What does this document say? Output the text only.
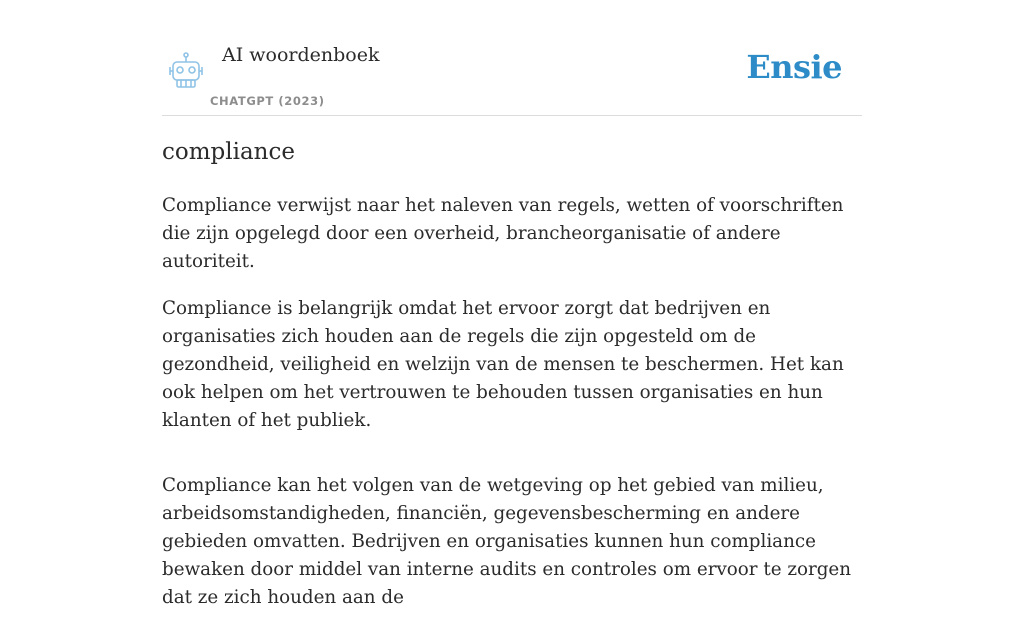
AI woordenboek
CHATGPT (2023)
Ensie
compliance

Compliance verwijst naar het naleven van regels, wetten of voorschriften die zijn opgelegd door een overheid, brancheorganisatie of andere autoriteit.

Compliance is belangrijk omdat het ervoor zorgt dat bedrijven en organisaties zich houden aan de regels die zijn opgesteld om de gezondheid, veiligheid en welzijn van de mensen te beschermen. Het kan ook helpen om het vertrouwen te behouden tussen organisaties en hun klanten of het publiek.

Compliance kan het volgen van de wetgeving op het gebied van milieu, arbeidsomstandigheden, financiën, gegevensbescherming en andere gebieden omvatten. Bedrijven en organisaties kunnen hun compliance bewaken door middel van interne audits en controles om ervoor te zorgen dat ze zich houden aan de
